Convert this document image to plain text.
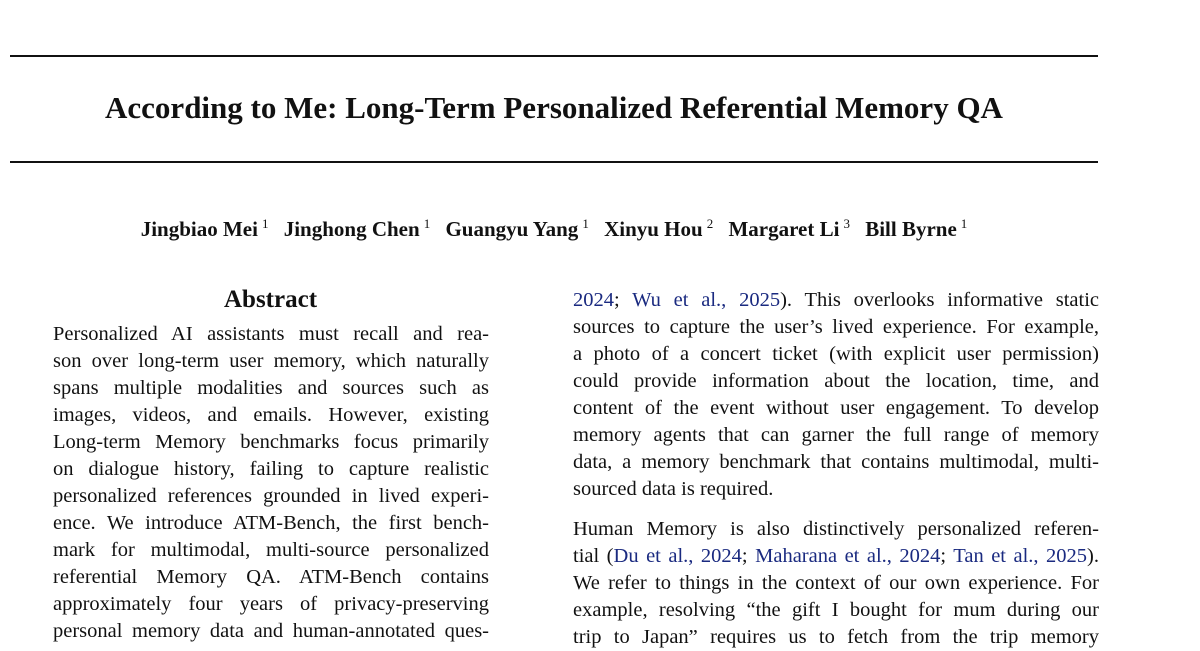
According to Me: Long-Term Personalized Referential Memory QA
Jingbiao Mei $^1$ Jinghong Chen $^1$ Guangyu Yang $^1$ Xinyu Hou $^2$ Margaret Li $^3$ Bill Byrne $^1$
Abstract
Personalized AI assistants must recall and rea-
son over long-term user memory, which naturally
spans multiple modalities and sources such as
images, videos, and emails. However, existing
Long-term Memory benchmarks focus primarily
on dialogue history, failing to capture realistic
personalized references grounded in lived experi-
ence. We introduce ATM-Bench, the first bench-
mark for multimodal, multi-source personalized
referential Memory QA. ATM-Bench contains
approximately four years of privacy-preserving
personal memory data and human-annotated ques-
2024; Wu et al., 2025). This overlooks informative static
sources to capture the user’s lived experience. For example,
a photo of a concert ticket (with explicit user permission)
could provide information about the location, time, and
content of the event without user engagement. To develop
memory agents that can garner the full range of memory
data, a memory benchmark that contains multimodal, multi-
sourced data is required.
Human Memory is also distinctively personalized referen-
tial (Du et al., 2024; Maharana et al., 2024; Tan et al., 2025).
We refer to things in the context of our own experience. For
example, resolving “the gift I bought for mum during our
trip to Japan” requires us to fetch from the trip memory
